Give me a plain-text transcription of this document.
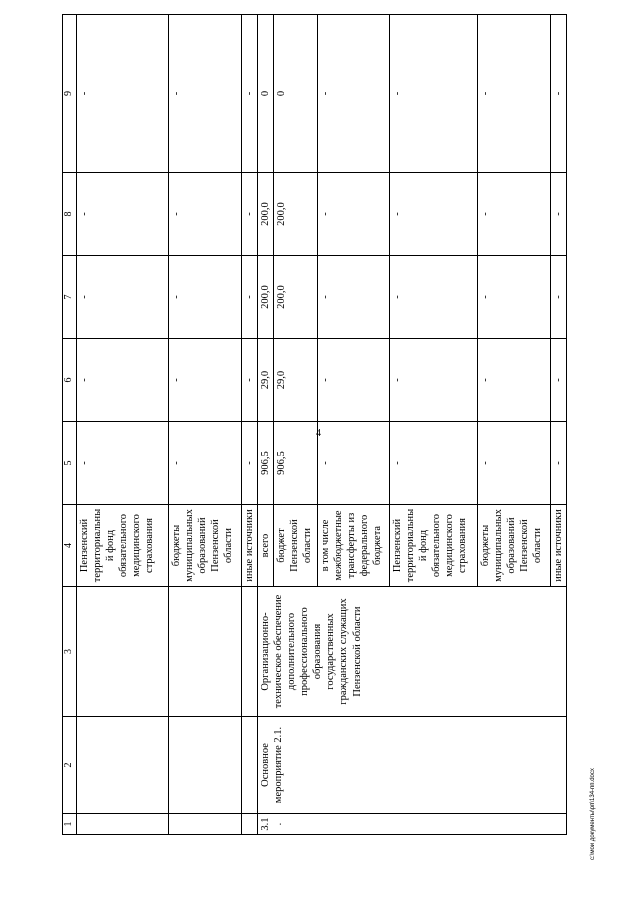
4
1	2	3	4	5	6	7	8	9
			Пензенский территориальный фонд обязательного медицинского страхования	-	-	-	-	-
			бюджеты муниципальных образований Пензенской области	-	-	-	-	-
			иные источники	-	-	-	-	-
3.1.	Основное мероприятие 2.1.	Организационно-техническое обеспечение дополнительного профессионального образования государственных гражданских служащих Пензенской области	всего	906,5	29,0	200,0	200,0	0
			бюджет Пензенской области	906,5	29,0	200,0	200,0	0
			в том числе межбюджетные трансферты из федерального бюджета	-	-	-	-	-
			Пензенский территориальный фонд обязательного медицинского страхования	-	-	-	-	-
			бюджеты муниципальных образований Пензенской области	-	-	-	-	-
			иные источники	-	-	-	-	-
c:\мои документы\рп\134-пп.docx
